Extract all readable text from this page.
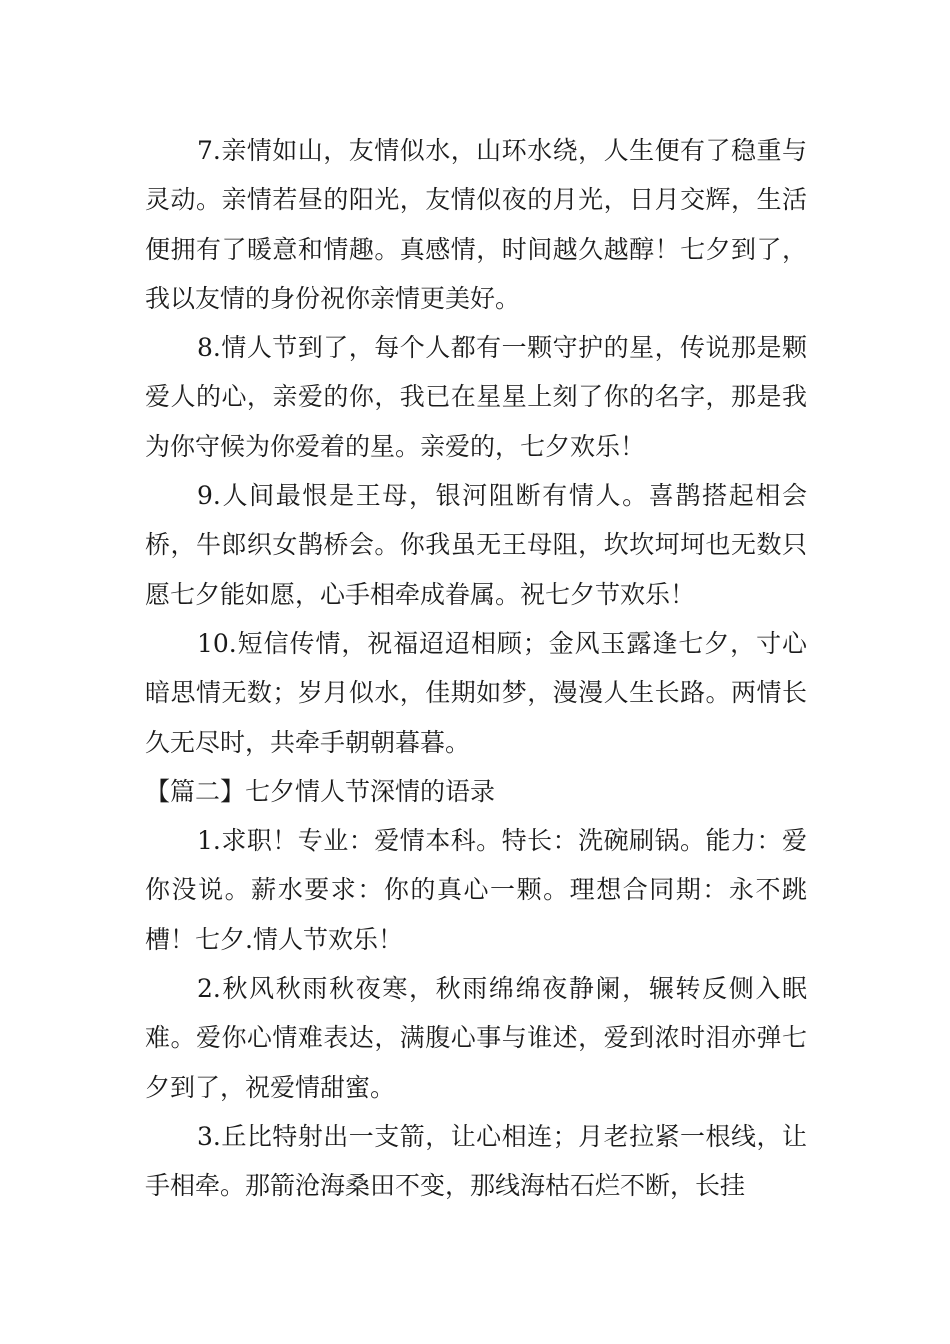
7.亲情如山，友情似水，山环水绕，人生便有了稳重与灵动。亲情若昼的阳光，友情似夜的月光，日月交辉，生活便拥有了暖意和情趣。真感情，时间越久越醇！七夕到了，我以友情的身份祝你亲情更美好。

8.情人节到了，每个人都有一颗守护的星，传说那是颗爱人的心，亲爱的你，我已在星星上刻了你的名字，那是我为你守候为你爱着的星。亲爱的，七夕欢乐！

9.人间最恨是王母，银河阻断有情人。喜鹊搭起相会桥，牛郎织女鹊桥会。你我虽无王母阻，坎坎坷坷也无数只愿七夕能如愿，心手相牵成眷属。祝七夕节欢乐！

10.短信传情，祝福迢迢相顾；金风玉露逢七夕，寸心暗思情无数；岁月似水，佳期如梦，漫漫人生长路。两情长久无尽时，共牵手朝朝暮暮。

【篇二】七夕情人节深情的语录

1.求职！专业：爱情本科。特长：洗碗刷锅。能力：爱你没说。薪水要求：你的真心一颗。理想合同期：永不跳槽！七夕.情人节欢乐！

2.秋风秋雨秋夜寒，秋雨绵绵夜静阑，辗转反侧入眠难。爱你心情难表达，满腹心事与谁述，爱到浓时泪亦弹七夕到了，祝爱情甜蜜。

3.丘比特射出一支箭，让心相连；月老拉紧一根线，让手相牵。那箭沧海桑田不变，那线海枯石烂不断，长挂
